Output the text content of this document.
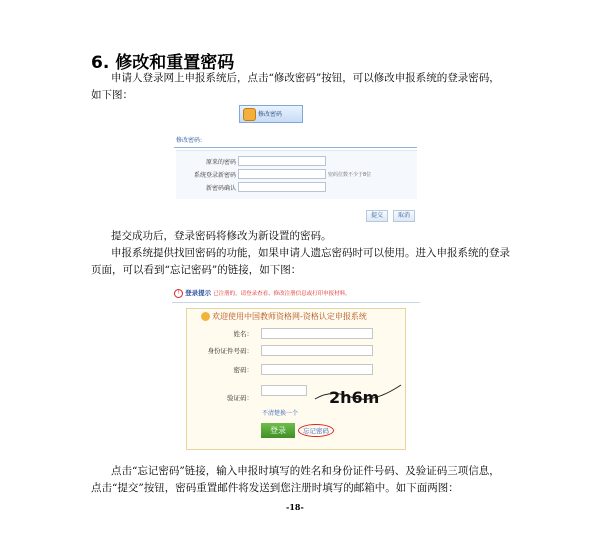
6. 修改和重置密码
申请人登录网上申报系统后，点击“修改密码”按钮，可以修改申报系统的登录密码，
如下图：
修改密码
修改密码:
原来的密码
系统登录新密码	密码位数不少于8位
新密码确认
提交	取消
提交成功后，登录密码将修改为新设置的密码。
申报系统提供找回密码的功能，如果申请人遗忘密码时可以使用。进入申报系统的登录
页面，可以看到“忘记密码”的链接，如下图：
! 登录提示 已注册的，请登录查看、修改注册信息或打印申报材料。
欢迎使用中国教师资格网-资格认定申报系统
姓名：
身份证件号码：
密码：
验证码：	2h6m
不清楚换一个
登录	忘记密码
点击“忘记密码”链接，输入申报时填写的姓名和身份证件号码、及验证码三项信息，
点击“提交”按钮，密码重置邮件将发送到您注册时填写的邮箱中。如下面两图：
-18-
